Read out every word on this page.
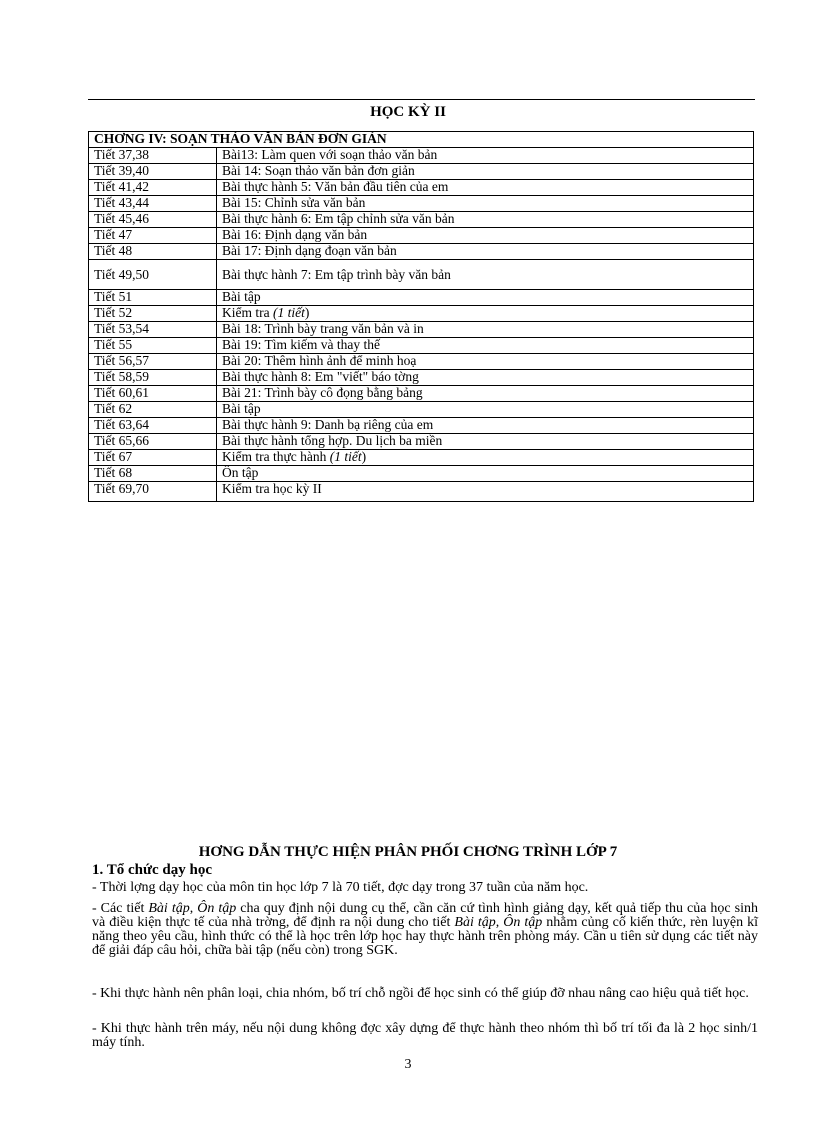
HỌC KỲ II
CHƠNG IV: SOẠN THẢO VĂN BẢN ĐƠN GIẢN	
Tiết 37,38	Bài13: Làm quen với soạn thảo văn bản
Tiết 39,40	Bài 14: Soạn thảo văn bản đơn giản
Tiết 41,42	Bài thực hành 5: Văn bản đầu tiên của em
Tiết 43,44	Bài 15: Chỉnh sửa văn bản
Tiết 45,46	Bài thực hành 6: Em tập chỉnh sửa văn bản
Tiết 47	Bài 16: Định dạng văn bản
Tiết 48	Bài 17: Định dạng đoạn văn bản
Tiết 49,50	Bài thực hành 7: Em tập trình bày văn bản
Tiết 51	Bài tập
Tiết 52	Kiểm tra (1 tiết)
Tiết 53,54	Bài 18: Trình bày trang văn bản và in
Tiết 55	Bài 19: Tìm kiếm và thay thế
Tiết 56,57	Bài 20: Thêm hình ảnh để minh hoạ
Tiết 58,59	Bài thực hành 8: Em "viết" báo tờng
Tiết 60,61	Bài 21: Trình bày cô đọng bằng bảng
Tiết 62	Bài tập
Tiết 63,64	Bài thực hành 9: Danh bạ riêng của em
Tiết 65,66	Bài thực hành tổng hợp. Du lịch ba miền
Tiết 67	Kiểm tra thực hành (1 tiết)
Tiết 68	Ôn tập
Tiết 69,70	Kiểm tra học kỳ II
HƠNG DẪN THỰC HIỆN PHÂN PHỐI CHƠNG TRÌNH LỚP 7
1. Tổ chức dạy học
- Thời lợng dạy học của môn tin học lớp 7 là 70 tiết, đợc dạy trong 37 tuần của năm học.
- Các tiết Bài tập, Ôn tập cha quy định nội dung cụ thể, cần căn cứ tình hình giảng dạy, kết quả tiếp thu của học sinh và điều kiện thực tế của nhà trờng, để định ra nội dung cho tiết Bài tập, Ôn tập nhằm củng cố kiến thức, rèn luyện kĩ năng theo yêu cầu, hình thức có thể là học trên lớp học hay thực hành trên phòng máy. Cần u tiên sử dụng các tiết này để giải đáp câu hỏi, chữa bài tập (nếu còn) trong SGK.
- Khi thực hành nên phân loại, chia nhóm, bố trí chỗ ngồi để học sinh có thể giúp đỡ nhau nâng cao hiệu quả tiết học.
- Khi thực hành trên máy, nếu nội dung không đợc xây dựng để thực hành theo nhóm thì bố trí tối đa là 2 học sinh/1 máy tính.
3
